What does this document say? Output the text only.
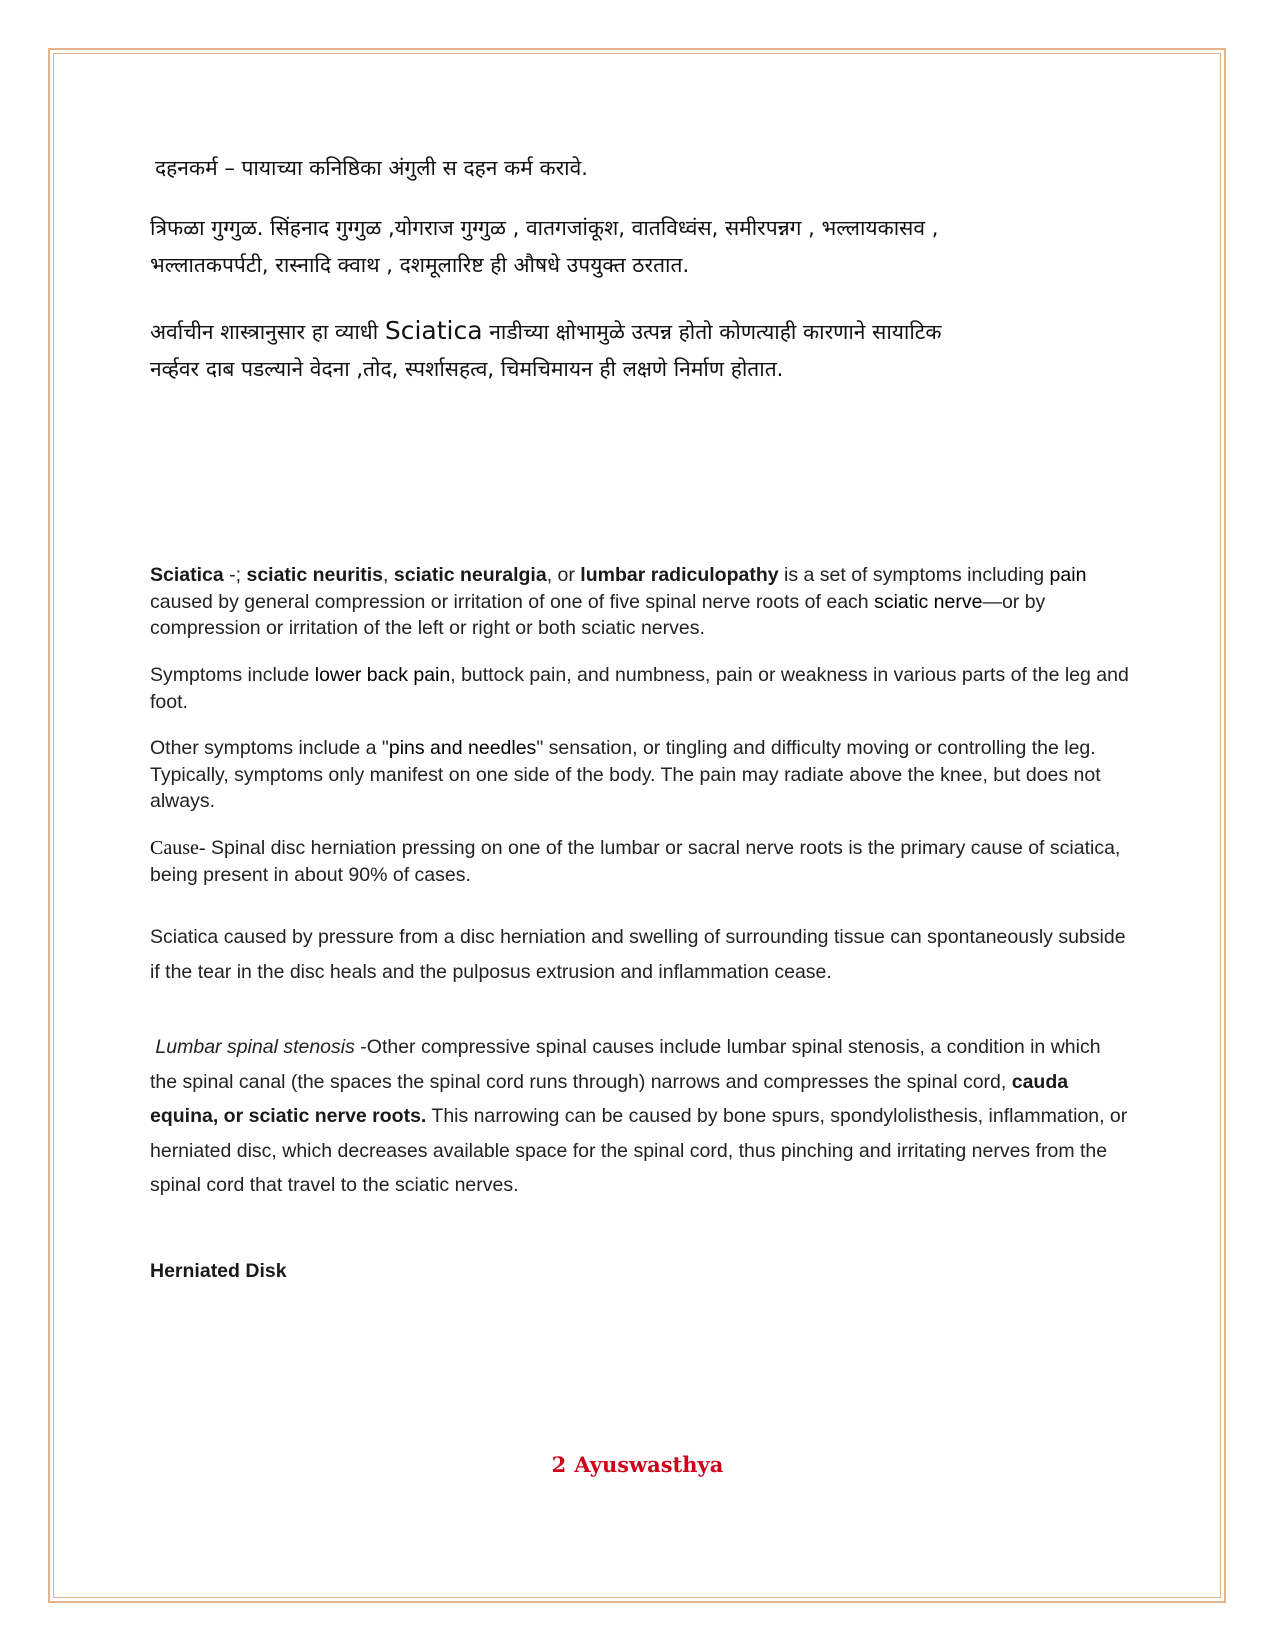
दहनकर्म – पायाच्या कनिष्ठिका अंगुली स दहन कर्म करावे.

त्रिफळा गुग्गुळ. सिंहनाद गुग्गुळ ,योगराज गुग्गुळ , वातगजांकूश, वातविध्वंस, समीरपन्नग , भल्लायकासव ,
भल्लातकपर्पटी, रास्नादि क्वाथ , दशमूलारिष्ट ही औषधे उपयुक्त ठरतात.

अर्वाचीन शास्त्रानुसार हा व्याधी Sciatica नाडीच्या क्षोभामुळे उत्पन्न होतो कोणत्याही कारणाने सायाटिक
नर्व्हवर दाब पडल्याने वेदना ,तोद, स्पर्शासहत्व, चिमचिमायन ही लक्षणे निर्माण होतात.

Sciatica -; sciatic neuritis, sciatic neuralgia, or lumbar radiculopathy is a set of symptoms including pain caused by general compression or irritation of one of five spinal nerve roots of each sciatic nerve—or by compression or irritation of the left or right or both sciatic nerves.

Symptoms include lower back pain, buttock pain, and numbness, pain or weakness in various parts of the leg and foot.

Other symptoms include a "pins and needles" sensation, or tingling and difficulty moving or controlling the leg. Typically, symptoms only manifest on one side of the body. The pain may radiate above the knee, but does not always.

Cause- Spinal disc herniation pressing on one of the lumbar or sacral nerve roots is the primary cause of sciatica, being present in about 90% of cases.

Sciatica caused by pressure from a disc herniation and swelling of surrounding tissue can spontaneously subside if the tear in the disc heals and the pulposus extrusion and inflammation cease.

Lumbar spinal stenosis -Other compressive spinal causes include lumbar spinal stenosis, a condition in which the spinal canal (the spaces the spinal cord runs through) narrows and compresses the spinal cord, cauda equina, or sciatic nerve roots. This narrowing can be caused by bone spurs, spondylolisthesis, inflammation, or herniated disc, which decreases available space for the spinal cord, thus pinching and irritating nerves from the spinal cord that travel to the sciatic nerves.

Herniated Disk

2 Ayuswasthya
